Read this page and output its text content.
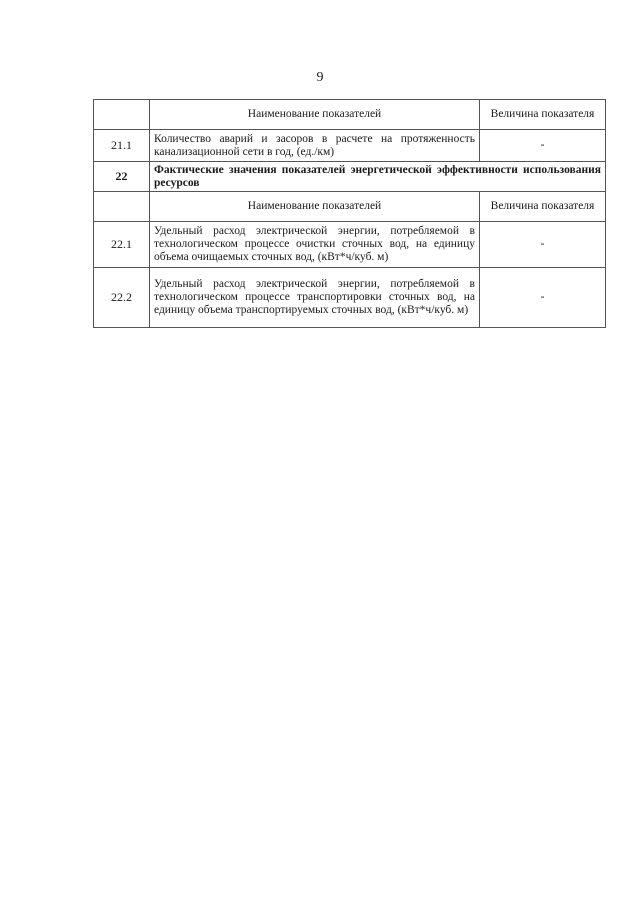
9
	Наименование показателей	Величина показателя
21.1	Количество аварий и засоров в расчете на протяженность канализационной сети в год, (ед./км)	-
22	Фактические значения показателей энергетической эффективности использования ресурсов	
	Наименование показателей	Величина показателя
22.1	Удельный расход электрической энергии, потребляемой в технологическом процессе очистки сточных вод, на единицу объема очищаемых сточных вод, (кВт*ч/куб. м)	-
22.2	Удельный расход электрической энергии, потребляемой в технологическом процессе транспортировки сточных вод, на единицу объема транспортируемых сточных вод, (кВт*ч/куб. м)	-
